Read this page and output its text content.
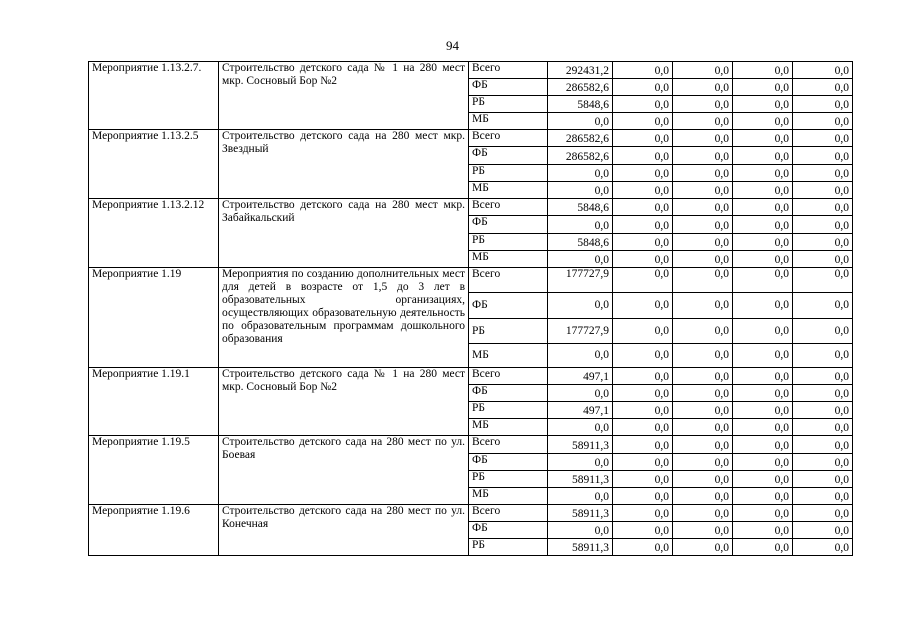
94
Мероприятие 1.13.2.7.	Строительство детского сада № 1 на 280 мест мкр. Сосновый Бор №2	Всего	292431,2	0,0	0,0	0,0	0,0
		ФБ	286582,6	0,0	0,0	0,0	0,0
		РБ	5848,6	0,0	0,0	0,0	0,0
		МБ	0,0	0,0	0,0	0,0	0,0
Мероприятие 1.13.2.5	Строительство детского сада на 280 мест мкр. Звездный	Всего	286582,6	0,0	0,0	0,0	0,0
		ФБ	286582,6	0,0	0,0	0,0	0,0
		РБ	0,0	0,0	0,0	0,0	0,0
		МБ	0,0	0,0	0,0	0,0	0,0
Мероприятие 1.13.2.12	Строительство детского сада на 280 мест мкр. Забайкальский	Всего	5848,6	0,0	0,0	0,0	0,0
		ФБ	0,0	0,0	0,0	0,0	0,0
		РБ	5848,6	0,0	0,0	0,0	0,0
		МБ	0,0	0,0	0,0	0,0	0,0
Мероприятие 1.19	Мероприятия по созданию дополнительных мест для детей в возрасте от 1,5 до 3 лет в образовательных организациях, осуществляющих образовательную деятельность по образовательным программам дошкольного образования	Всего	177727,9	0,0	0,0	0,0	0,0
		ФБ	0,0	0,0	0,0	0,0	0,0
		РБ	177727,9	0,0	0,0	0,0	0,0
		МБ	0,0	0,0	0,0	0,0	0,0
Мероприятие 1.19.1	Строительство детского сада № 1 на 280 мест мкр. Сосновый Бор №2	Всего	497,1	0,0	0,0	0,0	0,0
		ФБ	0,0	0,0	0,0	0,0	0,0
		РБ	497,1	0,0	0,0	0,0	0,0
		МБ	0,0	0,0	0,0	0,0	0,0
Мероприятие 1.19.5	Строительство детского сада на 280 мест по ул. Боевая	Всего	58911,3	0,0	0,0	0,0	0,0
		ФБ	0,0	0,0	0,0	0,0	0,0
		РБ	58911,3	0,0	0,0	0,0	0,0
		МБ	0,0	0,0	0,0	0,0	0,0
Мероприятие 1.19.6	Строительство детского сада на 280 мест по ул. Конечная	Всего	58911,3	0,0	0,0	0,0	0,0
		ФБ	0,0	0,0	0,0	0,0	0,0
		РБ	58911,3	0,0	0,0	0,0	0,0
